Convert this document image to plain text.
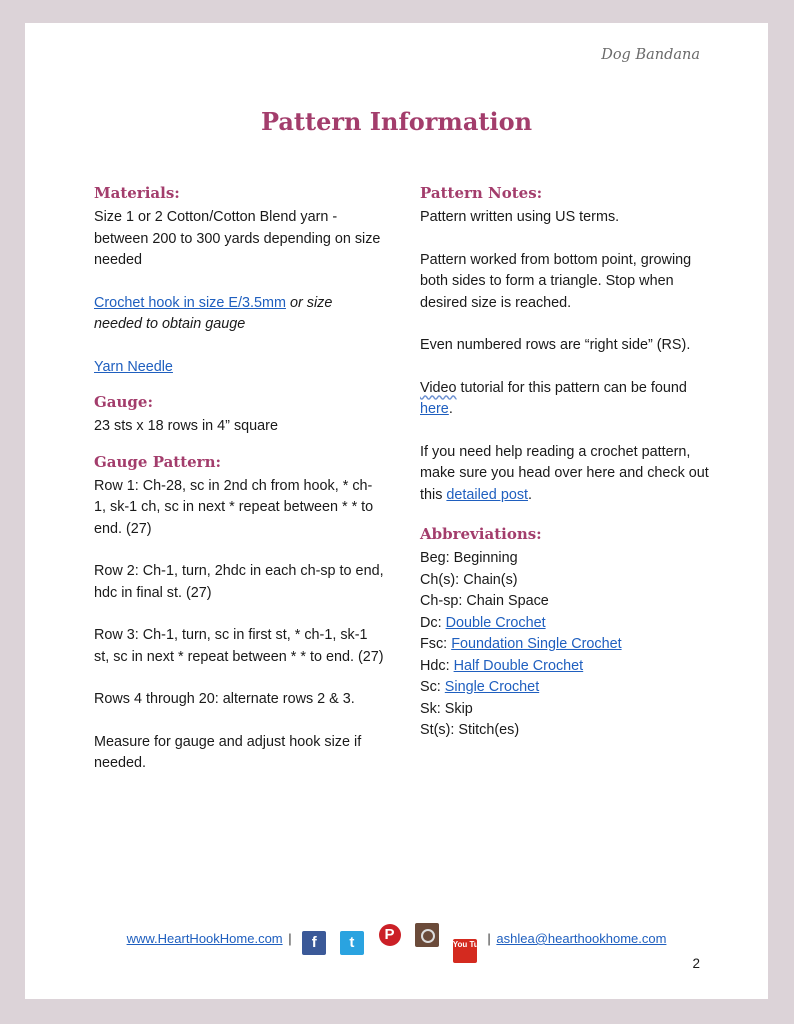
Dog Bandana
Pattern Information
Materials:

Size 1 or 2 Cotton/Cotton Blend yarn -between 200 to 300 yards depending on size needed

Crochet hook in size E/3.5mm or size needed to obtain gauge

Yarn Needle

Gauge:

23 sts x 18 rows in 4” square

Gauge Pattern:

Row 1: Ch-28, sc in 2nd ch from hook, * ch-1, sk-1 ch, sc in next * repeat between * * to end. (27)

Row 2: Ch-1, turn, 2hdc in each ch-sp to end, hdc in final st. (27)

Row 3: Ch-1, turn, sc in first st, * ch-1, sk-1 st, sc in next * repeat between * * to end. (27)

Rows 4 through 20: alternate rows 2 & 3.

Measure for gauge and adjust hook size if needed.

Pattern Notes:

Pattern written using US terms.

Pattern worked from bottom point, growing both sides to form a triangle. Stop when desired size is reached.

Even numbered rows are “right side” (RS).

Video tutorial for this pattern can be found here.

If you need help reading a crochet pattern, make sure you head over here and check out this detailed post.

Abbreviations:

Beg: Beginning

Ch(s): Chain(s)

Ch-sp: Chain Space

Dc: Double Crochet

Fsc: Foundation Single Crochet

Hdc: Half Double Crochet

Sc: Single Crochet

Sk: Skip

St(s): Stitch(es)

www.HeartHookHome.com | f t	P

You Tube | ashlea@hearthookhome.com
2
